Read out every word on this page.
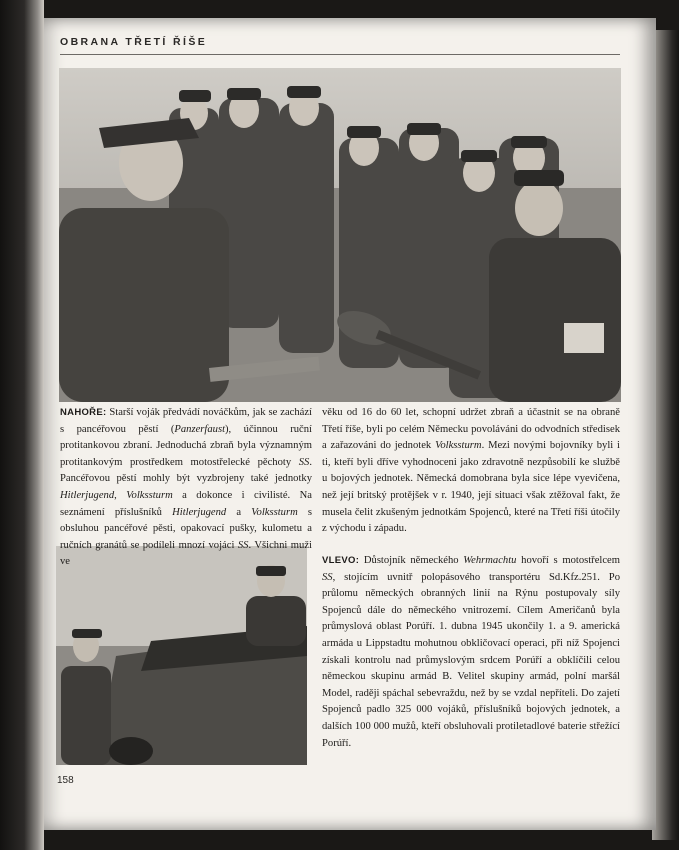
OBRANA TŘETÍ ŘÍŠE
NAHOŘE: Starší voják předvádí nováčkům, jak se zachází s pancéřovou pěstí (Panzerfaust), účinnou ruční protitankovou zbraní. Jednoduchá zbraň byla významným protitankovým prostředkem motostřelecké pěchoty SS. Pancéřovou pěstí mohly být vyzbrojeny také jednotky Hitlerjugend, Volkssturm a dokonce i civilisté. Na seznámení příslušníků Hitlerjugend a Volkssturm s obsluhou pancéřové pěsti, opakovací pušky, kulometu a ručních granátů se podíleli mnozí vojáci SS. Všichni muži ve
věku od 16 do 60 let, schopní udržet zbraň a účastnit se na obraně Třetí říše, byli po celém Německu povoláváni do odvodních středisek a zařazováni do jednotek Volkssturm. Mezi novými bojovníky byli i ti, kteří byli dříve vyhodnoceni jako zdravotně nezpůsobilí ke službě u bojových jednotek. Německá domobrana byla sice lépe vyevičena, než její britský protějšek v r. 1940, její situaci však ztěžoval fakt, že musela čelit zkušeným jednotkám Spojenců, které na Třetí říši útočily z východu i západu.
VLEVO: Důstojník německého Wehrmachtu hovoří s motostřelcem SS, stojícím uvnitř polopásového transportéru Sd.Kfz.251. Po průlomu německých obranných linií na Rýnu postupovaly síly Spojenců dále do německého vnitrozemí. Cílem Američanů byla průmyslová oblast Porúří. 1. dubna 1945 ukončily 1. a 9. americká armáda u Lippstadtu mohutnou obkličovací operaci, při níž Spojenci získali kontrolu nad průmyslovým srdcem Porúří a obklíčili celou německou skupinu armád B. Velitel skupiny armád, polní maršál Model, raději spáchal sebevraždu, než by se vzdal nepříteli. Do zajetí Spojenců padlo 325 000 vojáků, příslušníků bojových jednotek, a dalších 100 000 mužů, kteří obsluhovali protiletadlové baterie střežící Porúří.
158
